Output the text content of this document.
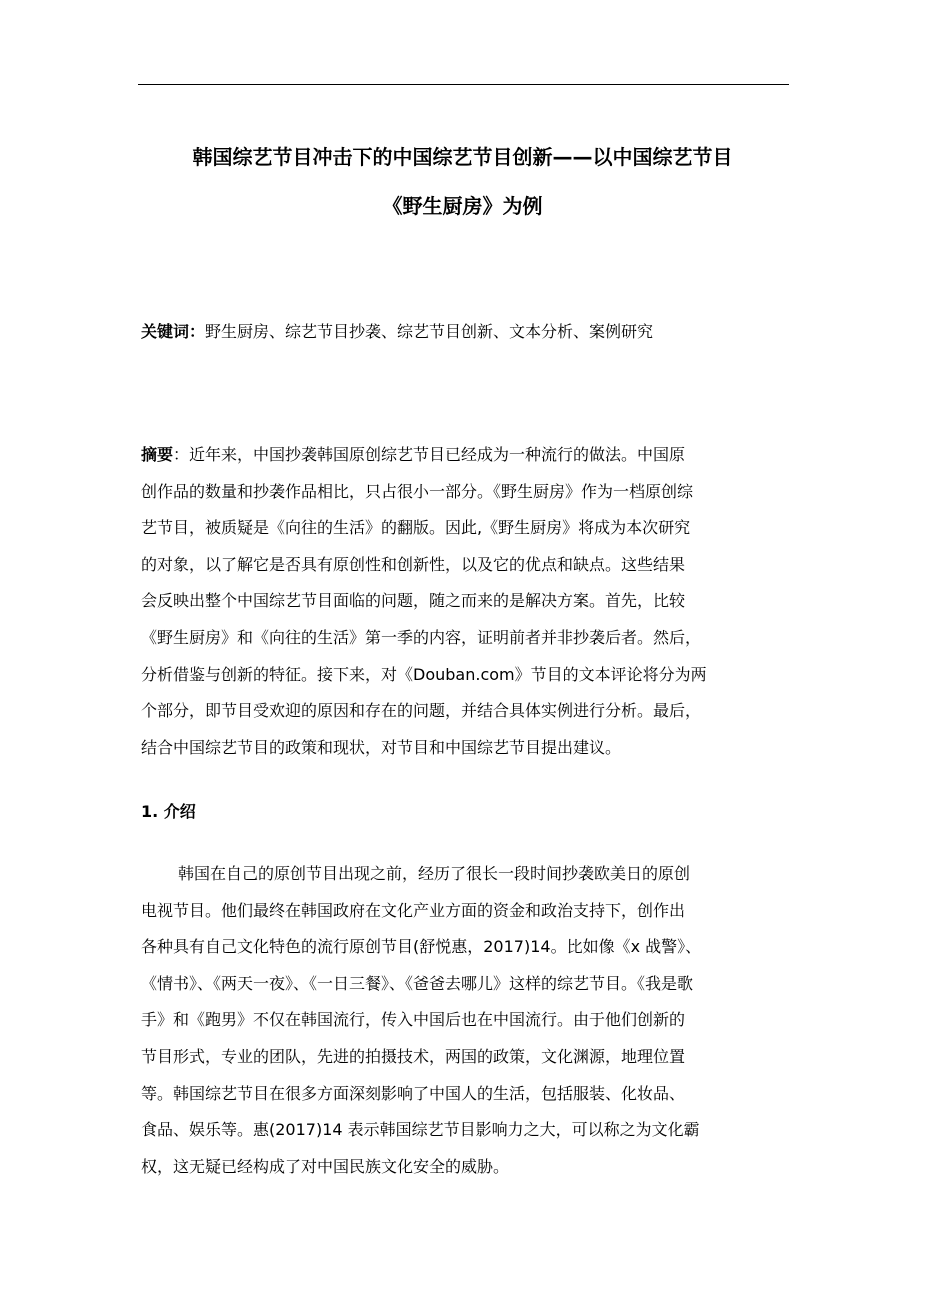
韩国综艺节目冲击下的中国综艺节目创新——以中国综艺节目
《野生厨房》为例
关键词：野生厨房、综艺节目抄袭、综艺节目创新、文本分析、案例研究
摘要：近年来，中国抄袭韩国原创综艺节目已经成为一种流行的做法。中国原
创作品的数量和抄袭作品相比，只占很小一部分。《野生厨房》作为一档原创综
艺节目，被质疑是《向往的生活》的翻版。因此,《野生厨房》将成为本次研究
的对象，以了解它是否具有原创性和创新性，以及它的优点和缺点。这些结果
会反映出整个中国综艺节目面临的问题，随之而来的是解决方案。首先，比较
《野生厨房》和《向往的生活》第一季的内容，证明前者并非抄袭后者。然后，
分析借鉴与创新的特征。接下来，对《Douban.com》节目的文本评论将分为两
个部分，即节目受欢迎的原因和存在的问题，并结合具体实例进行分析。最后，
结合中国综艺节目的政策和现状，对节目和中国综艺节目提出建议。
1. 介绍
韩国在自己的原创节目出现之前，经历了很长一段时间抄袭欧美日的原创
电视节目。他们最终在韩国政府在文化产业方面的资金和政治支持下，创作出
各种具有自己文化特色的流行原创节目(舒悦惠，2017)14。比如像《x 战警》、
《情书》、《两天一夜》、《一日三餐》、《爸爸去哪儿》这样的综艺节目。《我是歌
手》和《跑男》不仅在韩国流行，传入中国后也在中国流行。由于他们创新的
节目形式，专业的团队，先进的拍摄技术，两国的政策，文化渊源，地理位置
等。韩国综艺节目在很多方面深刻影响了中国人的生活，包括服装、化妆品、
食品、娱乐等。惠(2017)14 表示韩国综艺节目影响力之大，可以称之为文化霸
权，这无疑已经构成了对中国民族文化安全的威胁。
